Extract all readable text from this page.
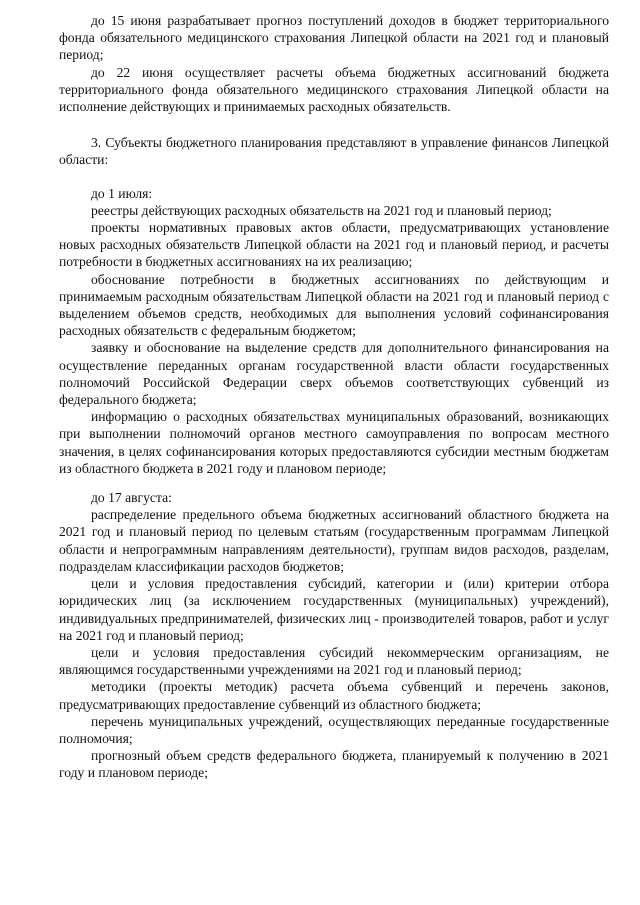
до 15 июня разрабатывает прогноз поступлений доходов в бюджет территориального фонда обязательного медицинского страхования Липецкой области на 2021 год и плановый период;

до 22 июня осуществляет расчеты объема бюджетных ассигнований бюджета территориального фонда обязательного медицинского страхования Липецкой области на исполнение действующих и принимаемых расходных обязательств.

3. Субъекты бюджетного планирования представляют в управление финансов Липецкой области:

до 1 июля:

реестры действующих расходных обязательств на 2021 год и плановый период;

проекты нормативных правовых актов области, предусматривающих установление новых расходных обязательств Липецкой области на 2021 год и плановый период, и расчеты потребности в бюджетных ассигнованиях на их реализацию;

обоснование потребности в бюджетных ассигнованиях по действующим и принимаемым расходным обязательствам Липецкой области на 2021 год и плановый период с выделением объемов средств, необходимых для выполнения условий софинансирования расходных обязательств с федеральным бюджетом;

заявку и обоснование на выделение средств для дополнительного финансирования на осуществление переданных органам государственной власти области государственных полномочий Российской Федерации сверх объемов соответствующих субвенций из федерального бюджета;

информацию о расходных обязательствах муниципальных образований, возникающих при выполнении полномочий органов местного самоуправления по вопросам местного значения, в целях софинансирования которых предоставляются субсидии местным бюджетам из областного бюджета в 2021 году и плановом периоде;

до 17 августа:

распределение предельного объема бюджетных ассигнований областного бюджета на 2021 год и плановый период по целевым статьям (государственным программам Липецкой области и непрограммным направлениям деятельности), группам видов расходов, разделам, подразделам классификации расходов бюджетов;

цели и условия предоставления субсидий, категории и (или) критерии отбора юридических лиц (за исключением государственных (муниципальных) учреждений), индивидуальных предпринимателей, физических лиц - производителей товаров, работ и услуг на 2021 год и плановый период;

цели и условия предоставления субсидий некоммерческим организациям, не являющимся государственными учреждениями на 2021 год и плановый период;

методики (проекты методик) расчета объема субвенций и перечень законов, предусматривающих предоставление субвенций из областного бюджета;

перечень муниципальных учреждений, осуществляющих переданные государственные полномочия;

прогнозный объем средств федерального бюджета, планируемый к получению в 2021 году и плановом периоде;
